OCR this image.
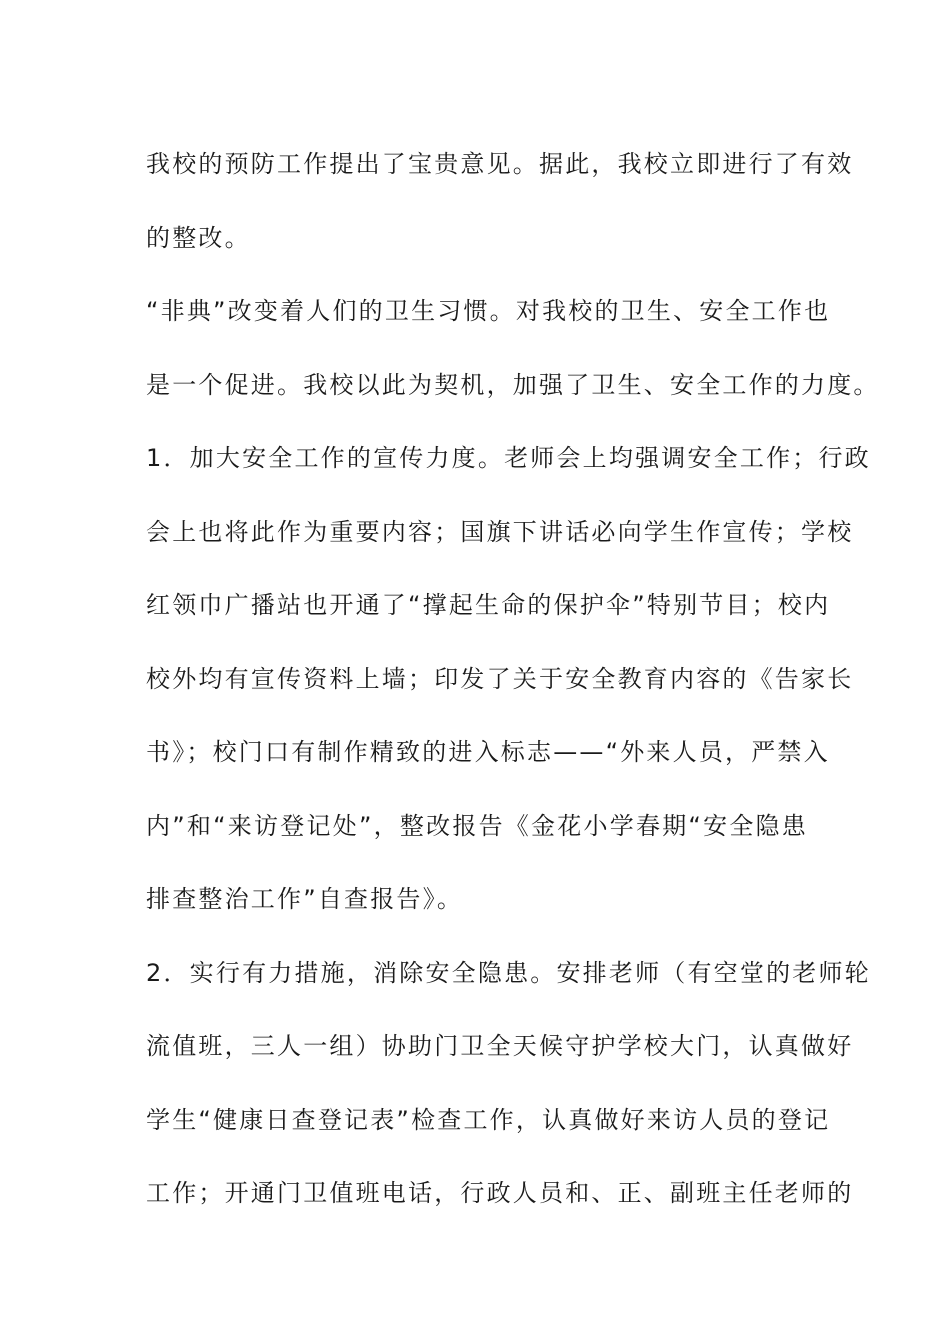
我校的预防工作提出了宝贵意见。据此，我校立即进行了有效
的整改。
“非典”改变着人们的卫生习惯。对我校的卫生、安全工作也
是一个促进。我校以此为契机，加强了卫生、安全工作的力度。
1．加大安全工作的宣传力度。老师会上均强调安全工作；行政
会上也将此作为重要内容；国旗下讲话必向学生作宣传；学校
红领巾广播站也开通了“撑起生命的保护伞”特别节目；校内
校外均有宣传资料上墙；印发了关于安全教育内容的《告家长
书》；校门口有制作精致的进入标志——“外来人员，严禁入
内”和“来访登记处”，整改报告《金花小学春期“安全隐患
排查整治工作”自查报告》。
2．实行有力措施，消除安全隐患。安排老师（有空堂的老师轮
流值班，三人一组）协助门卫全天候守护学校大门，认真做好
学生“健康日查登记表”检查工作，认真做好来访人员的登记
工作；开通门卫值班电话，行政人员和、正、副班主任老师的
